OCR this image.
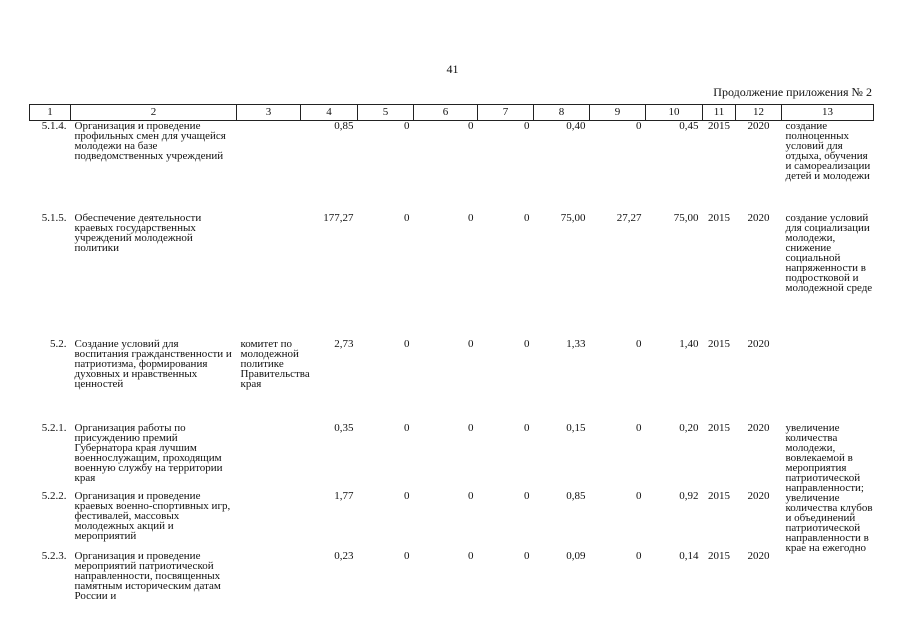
41
Продолжение приложения № 2
1	2	3	4	5	6	7	8	9	10	11	12	13
5.1.4.	Организация и проведение профильных смен для учащейся молодежи на базе подведомственных учреждений		0,85	0	0	0	0,40	0	0,45	2015	2020	создание полноценных условий для отдыха, обучения и самореализации детей и молодежи
5.1.5.	Обеспечение деятельности краевых государственных учреждений молодежной политики		177,27	0	0	0	75,00	27,27	75,00	2015	2020	создание условий для социализации молодежи, снижение социальной напряженности в подростковой и молодежной среде
5.2.	Создание условий для воспитания гражданственности и патриотизма, формирования духовных и нравственных ценностей	комитет по молодежной политике Правительства края	2,73	0	0	0	1,33	0	1,40	2015	2020	
5.2.1.	Организация работы по присуждению премий Губернатора края лучшим военнослужащим, проходящим военную службу на территории края		0,35	0	0	0	0,15	0	0,20	2015	2020	увеличение количества молодежи, вовлекаемой в мероприятия патриотической направленности; увеличение количества клубов и объединений патриотической направленности в крае на ежегодно
5.2.2.	Организация и проведение краевых военно-спортивных игр, фестивалей, массовых молодежных акций и мероприятий		1,77	0	0	0	0,85	0	0,92	2015	2020	
5.2.3.	Организация и проведение мероприятий патриотической направленности, посвященных памятным историческим датам России и		0,23	0	0	0	0,09	0	0,14	2015	2020	
